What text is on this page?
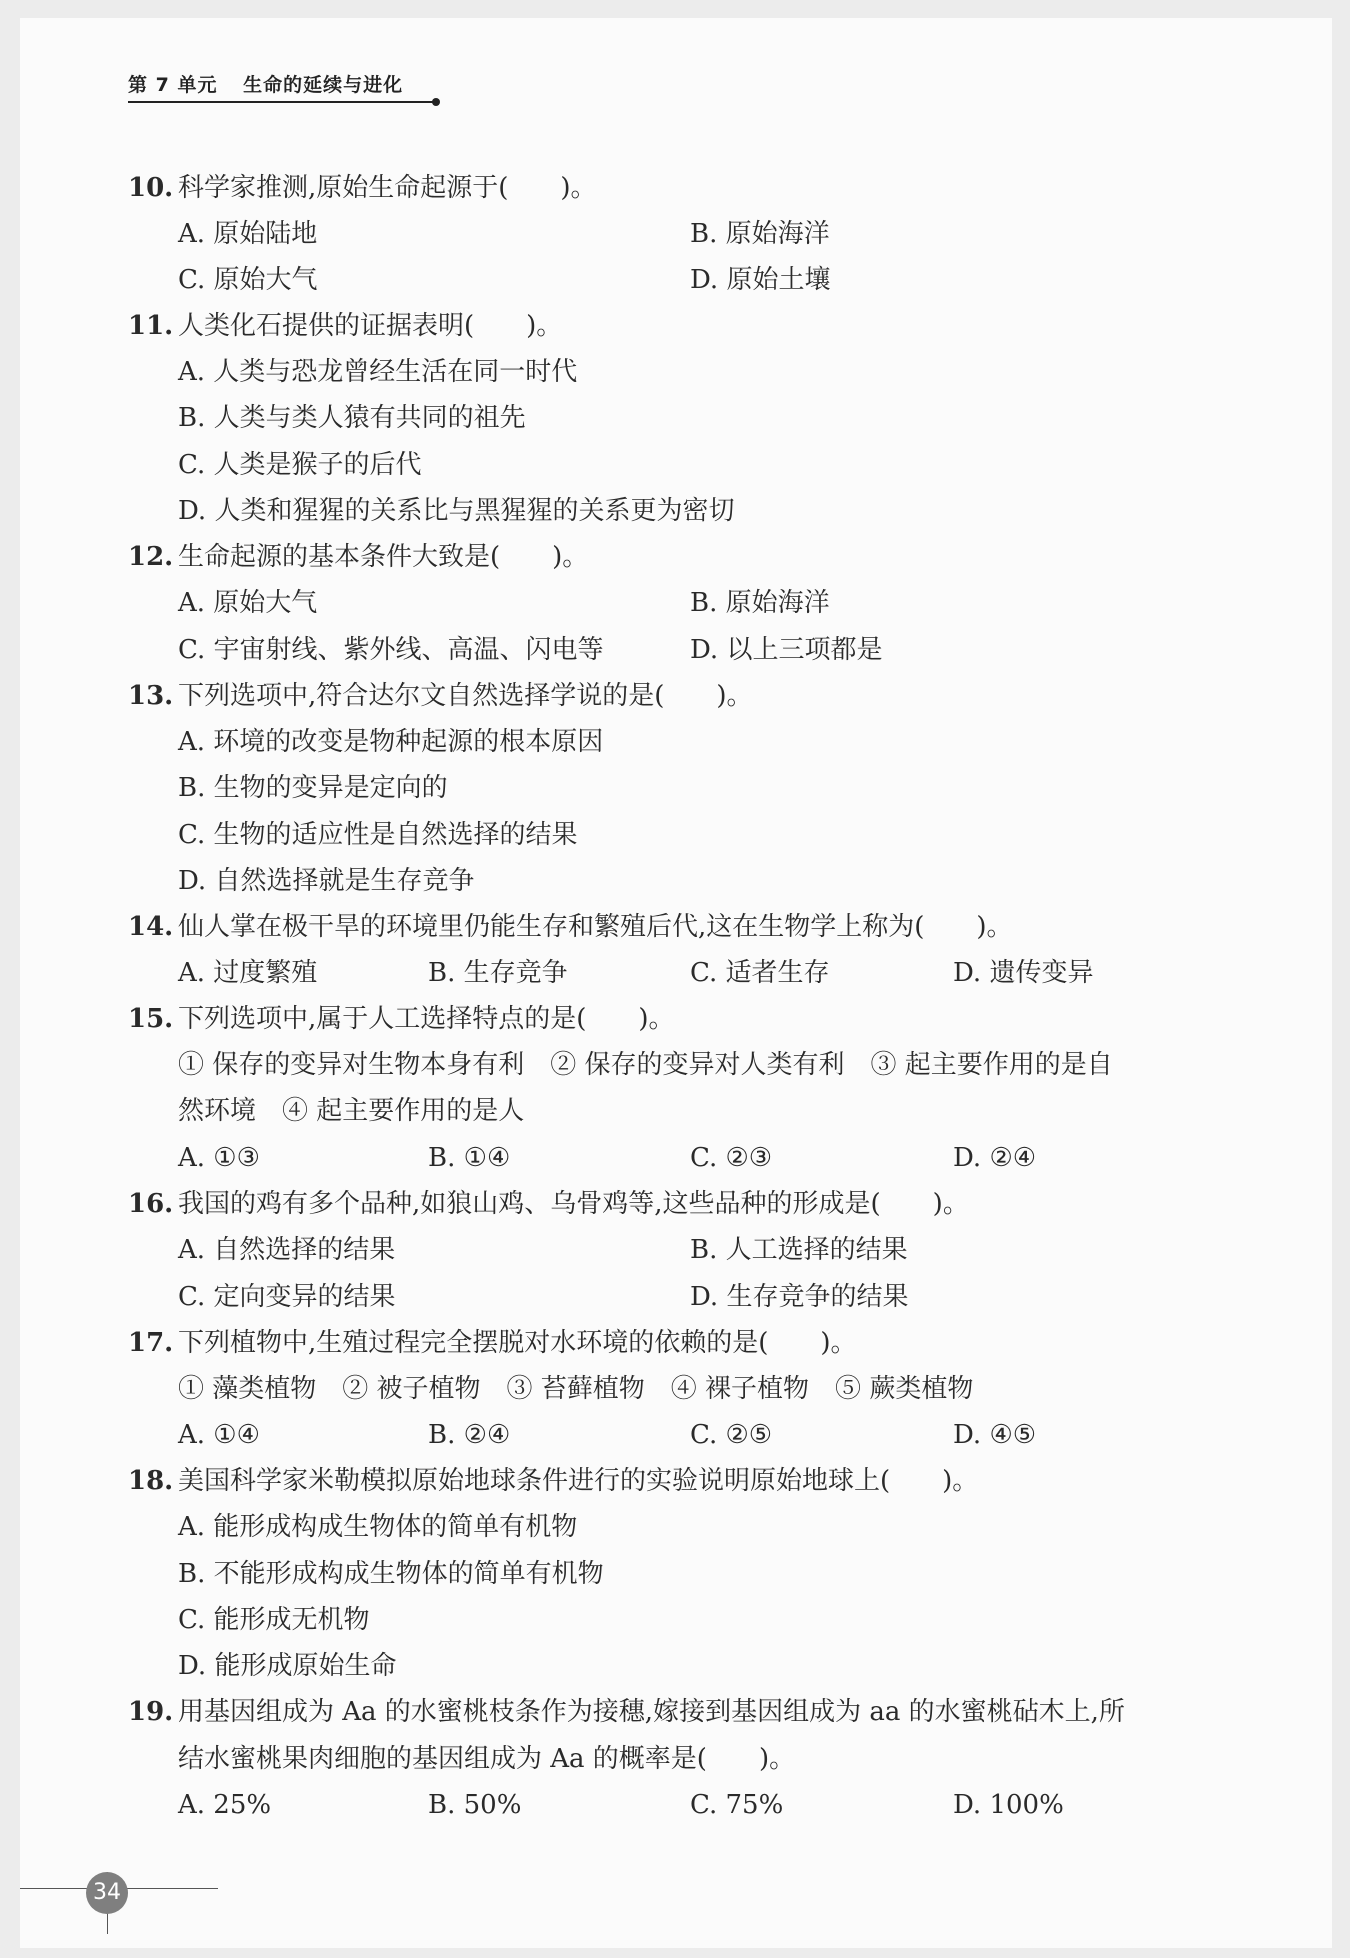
第 7 单元 生命的延续与进化
10. 科学家推测,原始生命起源于(　　)。
A. 原始陆地	B. 原始海洋
C. 原始大气	D. 原始土壤
11. 人类化石提供的证据表明(　　)。
A. 人类与恐龙曾经生活在同一时代
B. 人类与类人猿有共同的祖先
C. 人类是猴子的后代
D. 人类和猩猩的关系比与黑猩猩的关系更为密切
12. 生命起源的基本条件大致是(　　)。
A. 原始大气	B. 原始海洋
C. 宇宙射线、紫外线、高温、闪电等	D. 以上三项都是
13. 下列选项中,符合达尔文自然选择学说的是(　　)。
A. 环境的改变是物种起源的根本原因
B. 生物的变异是定向的
C. 生物的适应性是自然选择的结果
D. 自然选择就是生存竞争
14. 仙人掌在极干旱的环境里仍能生存和繁殖后代,这在生物学上称为(　　)。
A. 过度繁殖	B. 生存竞争	C. 适者生存	D. 遗传变异
15. 下列选项中,属于人工选择特点的是(　　)。
① 保存的变异对生物本身有利　② 保存的变异对人类有利　③ 起主要作用的是自
然环境　④ 起主要作用的是人
A. ①③	B. ①④	C. ②③	D. ②④
16. 我国的鸡有多个品种,如狼山鸡、乌骨鸡等,这些品种的形成是(　　)。
A. 自然选择的结果	B. 人工选择的结果
C. 定向变异的结果	D. 生存竞争的结果
17. 下列植物中,生殖过程完全摆脱对水环境的依赖的是(　　)。
① 藻类植物　② 被子植物　③ 苔藓植物　④ 裸子植物　⑤ 蕨类植物
A. ①④	B. ②④	C. ②⑤	D. ④⑤
18. 美国科学家米勒模拟原始地球条件进行的实验说明原始地球上(　　)。
A. 能形成构成生物体的简单有机物
B. 不能形成构成生物体的简单有机物
C. 能形成无机物
D. 能形成原始生命
19. 用基因组成为 Aa 的水蜜桃枝条作为接穗,嫁接到基因组成为 aa 的水蜜桃砧木上,所
结水蜜桃果肉细胞的基因组成为 Aa 的概率是(　　)。
A. 25%	B. 50%	C. 75%	D. 100%
34
